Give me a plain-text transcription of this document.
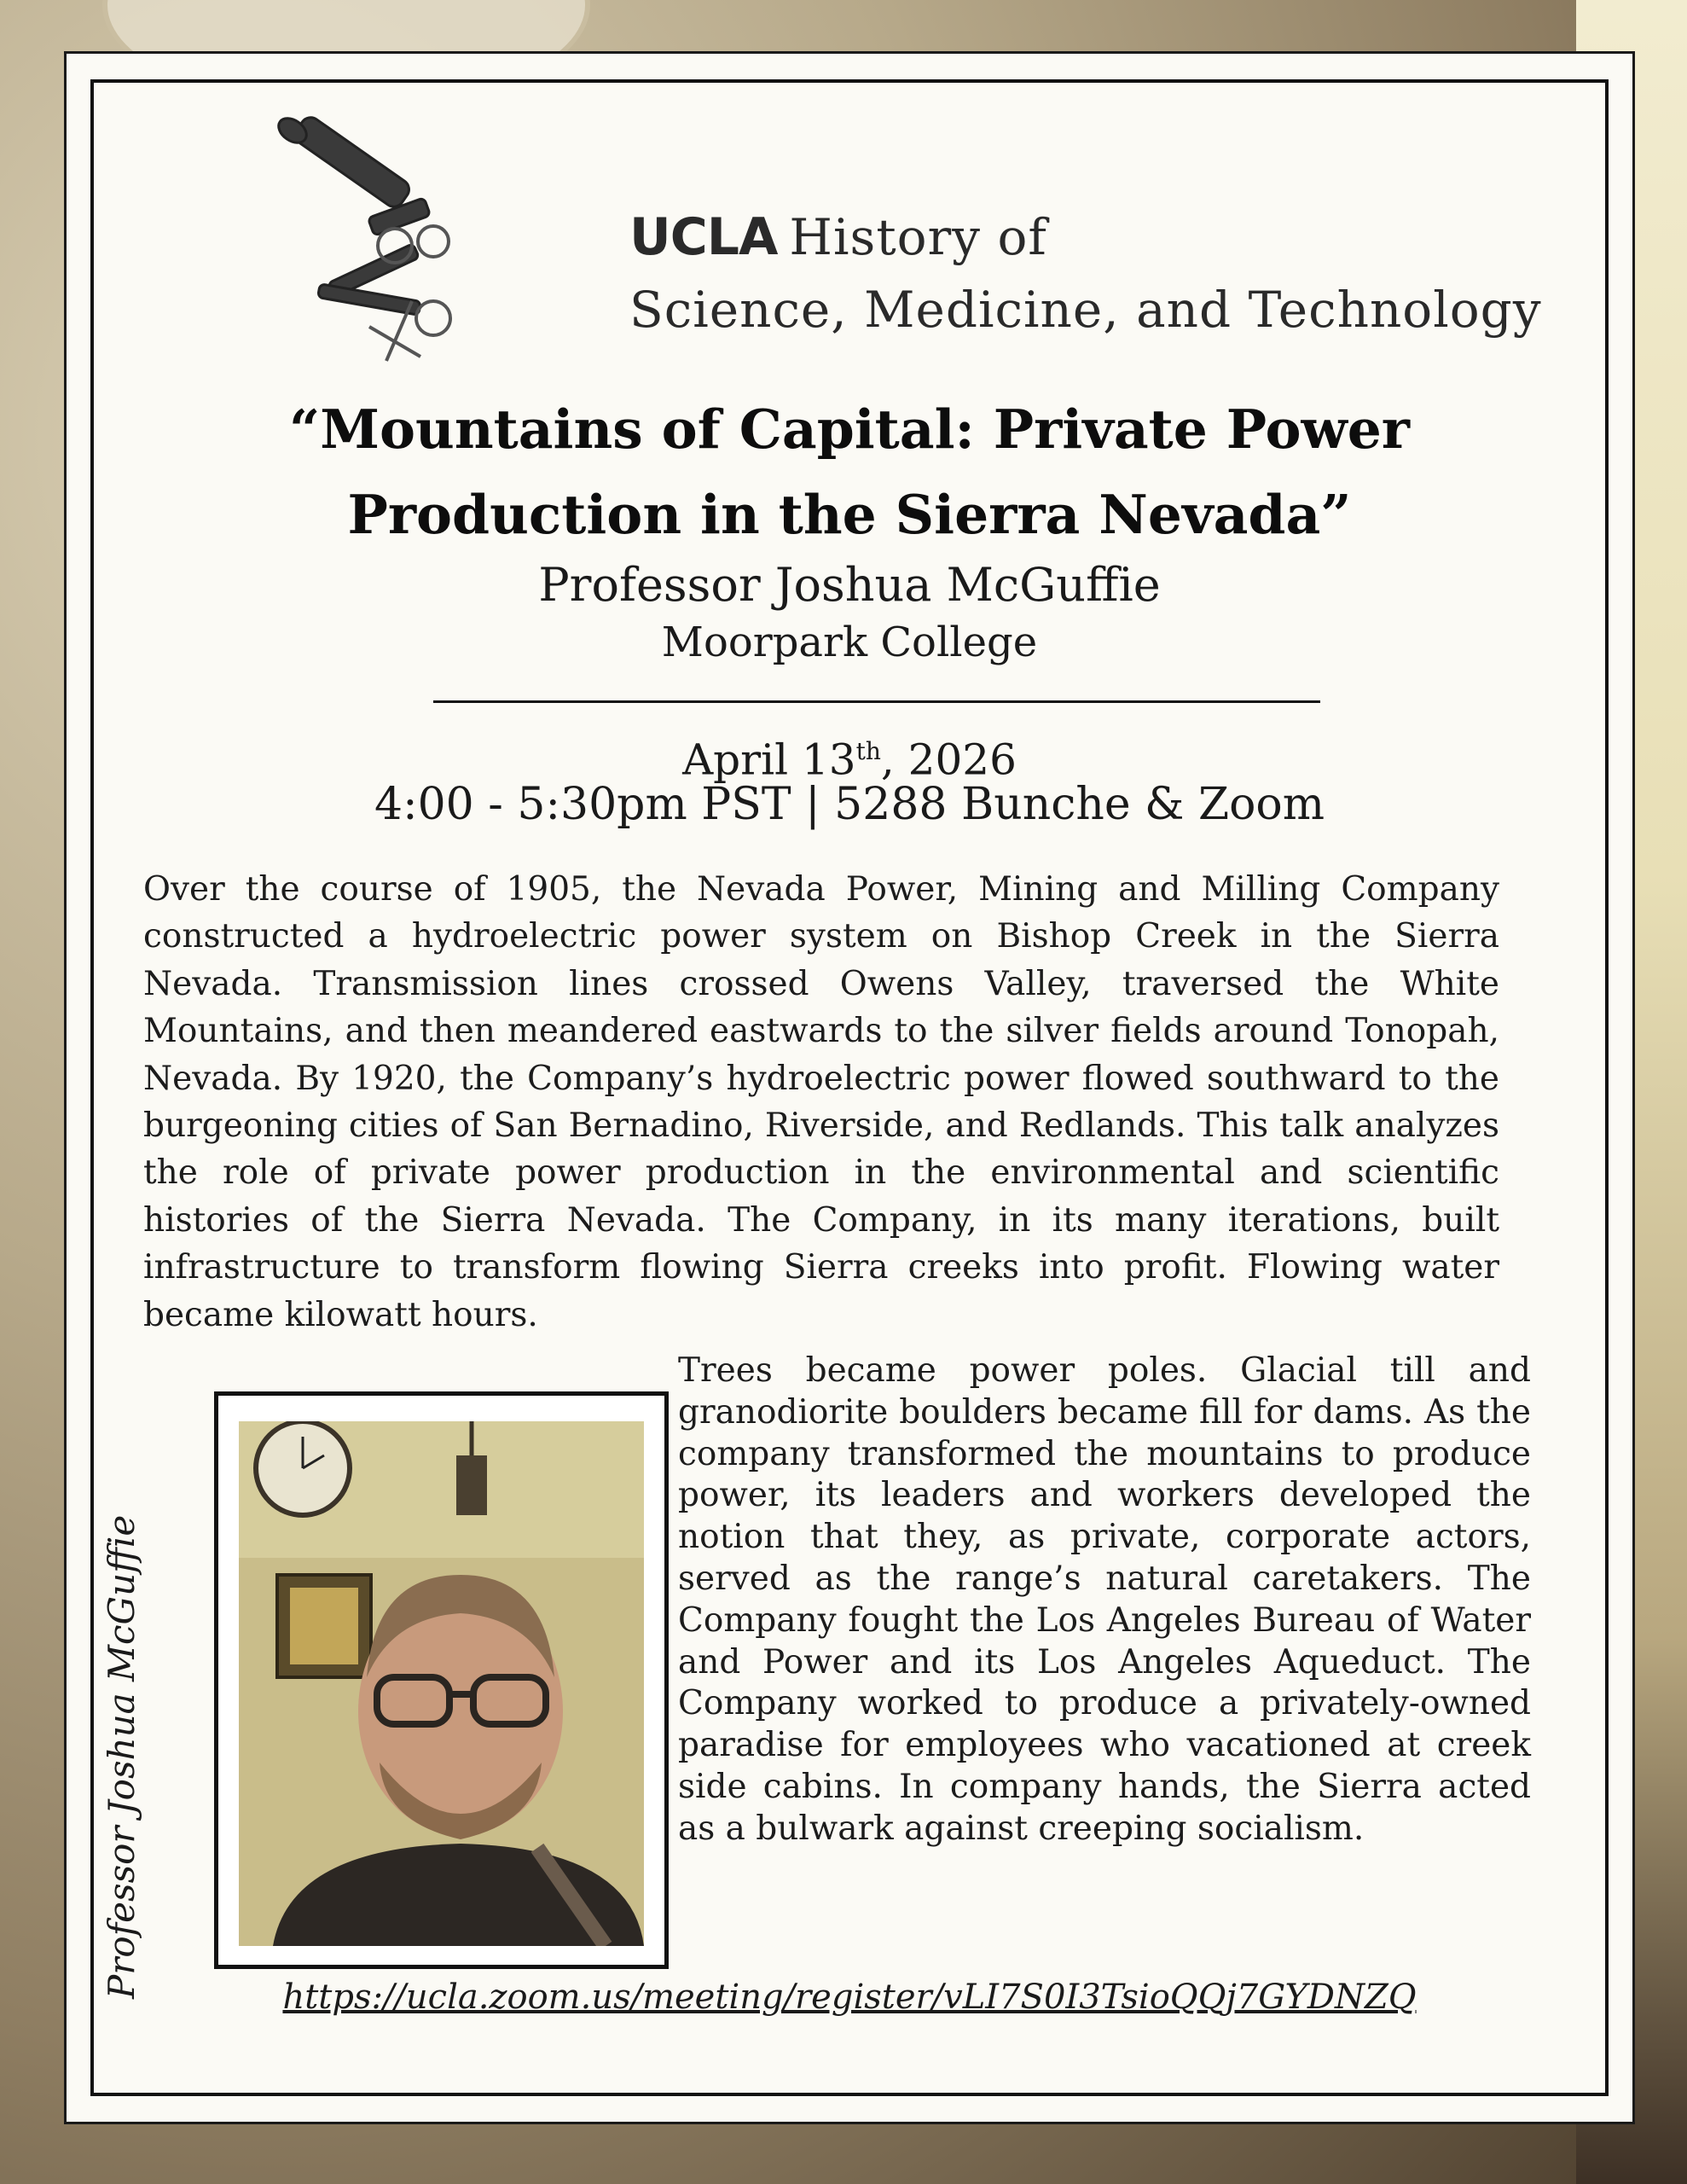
UCLA History of
Science, Medicine, and Technology
“Mountains of Capital: Private Power Production in the Sierra Nevada”
Professor Joshua McGuffie
Moorpark College
April 13th, 2026
4:00 - 5:30pm PST | 5288 Bunche & Zoom
Over the course of 1905, the Nevada Power, Mining and Milling Company constructed a hydroelectric power system on Bishop Creek in the Sierra Nevada. Transmission lines crossed Owens Valley, traversed the White Mountains, and then meandered eastwards to the silver fields around Tonopah, Nevada. By 1920, the Company’s hydroelectric power flowed southward to the burgeoning cities of San Bernadino, Riverside, and Redlands. This talk analyzes the role of private power production in the environmental and scientific histories of the Sierra Nevada. The Company, in its many iterations, built infrastructure to transform flowing Sierra creeks into profit. Flowing water became kilowatt hours.
Professor Joshua McGuffie
Trees became power poles. Glacial till and granodiorite boulders became fill for dams. As the company transformed the mountains to produce power, its leaders and workers developed the notion that they, as private, corporate actors, served as the range’s natural caretakers. The Company fought the Los Angeles Bureau of Water and Power and its Los Angeles Aqueduct. The Company worked to produce a privately-owned paradise for employees who vacationed at creek side cabins. In company hands, the Sierra acted as a bulwark against creeping socialism.
https://ucla.zoom.us/meeting/register/vLI7S0I3TsioQQj7GYDNZQ
